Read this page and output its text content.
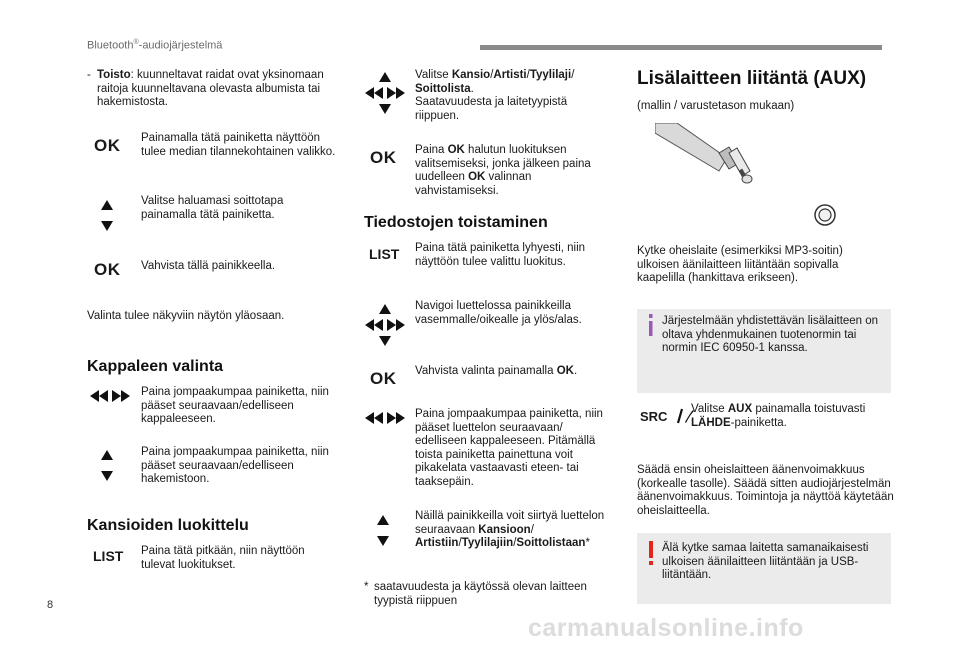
Bluetooth®-audiojärjestelmä
- Toisto: kuunneltavat raidat ovat yksinomaan raitoja kuunneltavana olevasta albumista tai hakemistosta.
OK Painamalla tätä painiketta näyttöön tulee median tilannekohtainen valikko.
Valitse haluamasi soittotapa painamalla tätä painiketta.
OK Vahvista tällä painikkeella.
Valinta tulee näkyviin näytön yläosaan.
Kappaleen valinta
Paina jompaakumpaa painiketta, niin pääset seuraavaan/edelliseen kappaleeseen.
Paina jompaakumpaa painiketta, niin pääset seuraavaan/edelliseen hakemistoon.
Kansioiden luokittelu
LIST Paina tätä pitkään, niin näyttöön tulevat luokitukset.
Valitse Kansio/Artisti/Tyylilaji/
Soittolista.
Saatavuudesta ja laitetyypistä riippuen.
OK Paina OK halutun luokituksen valitsemiseksi, jonka jälkeen paina uudelleen OK valinnan vahvistamiseksi.
Tiedostojen toistaminen
LIST Paina tätä painiketta lyhyesti, niin näyttöön tulee valittu luokitus.
Navigoi luettelossa painikkeilla vasemmalle/oikealle ja ylös/alas.
OK Vahvista valinta painamalla OK.
Paina jompaakumpaa painiketta, niin pääset luettelon seuraavaan/ edelliseen kappaleeseen. Pitämällä toista painiketta painettuna voit pikakelata vastaavasti eteen- tai taaksepäin.
Näillä painikkeilla voit siirtyä luettelon seuraavaan Kansioon/
Artistiin/Tyylilajiin/Soittolistaan*
* saatavuudesta ja käytössä olevan laitteen tyypistä riippuen
Lisälaitteen liitäntä (AUX)
(mallin / varustetason mukaan)
Kytke oheislaite (esimerkiksi MP3-soitin) ulkoisen äänilaitteen liitäntään sopivalla kaapelilla (hankittava erikseen).
Järjestelmään yhdistettävän lisälaitteen on oltava yhdenmukainen tuotenormin tai normin IEC 60950-1 kanssa.
SRC	Valitse AUX painamalla toistuvasti LÄHDE-painiketta.
Säädä ensin oheislaitteen äänenvoimakkuus (korkealle tasolle). Säädä sitten audiojärjestelmän äänenvoimakkuus. Toimintoja ja näyttöä käytetään oheislaitteella.
Älä kytke samaa laitetta samanaikaisesti ulkoisen äänilaitteen liitäntään ja USB-liitäntään.
8
carmanualsonline.info
